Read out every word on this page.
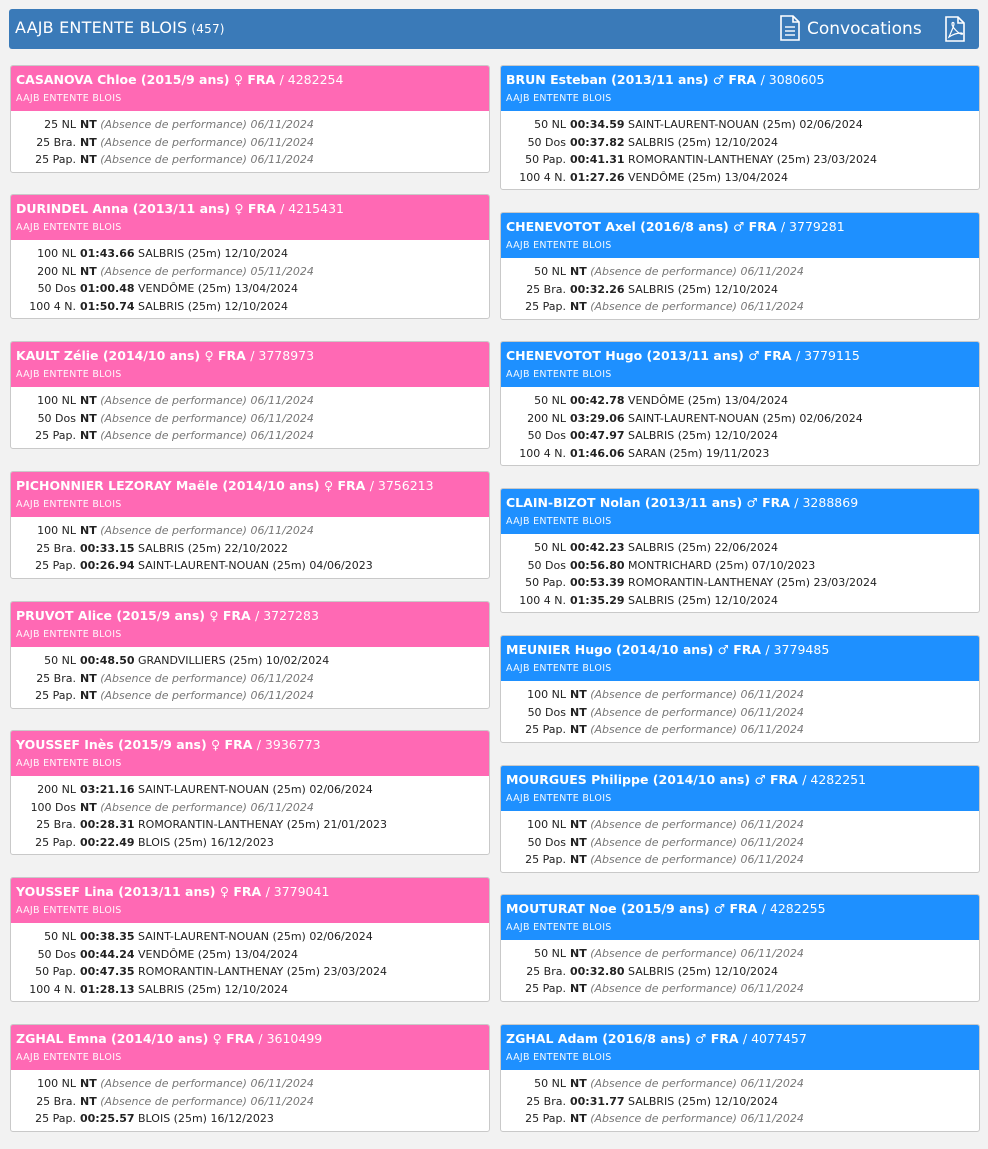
AAJB ENTENTE BLOIS (457)	Convocations
CASANOVA Chloe (2015/9 ans) ♀ FRA / 4282254
AAJB ENTENTE BLOIS
25 NL NT (Absence de performance) 06/11/2024
25 Bra. NT (Absence de performance) 06/11/2024
25 Pap. NT (Absence de performance) 06/11/2024
DURINDEL Anna (2013/11 ans) ♀ FRA / 4215431
AAJB ENTENTE BLOIS
100 NL 01:43.66 SALBRIS (25m) 12/10/2024
200 NL NT (Absence de performance) 05/11/2024
50 Dos 01:00.48 VENDÔME (25m) 13/04/2024
100 4 N. 01:50.74 SALBRIS (25m) 12/10/2024
KAULT Zélie (2014/10 ans) ♀ FRA / 3778973
AAJB ENTENTE BLOIS
100 NL NT (Absence de performance) 06/11/2024
50 Dos NT (Absence de performance) 06/11/2024
25 Pap. NT (Absence de performance) 06/11/2024
PICHONNIER LEZORAY Maële (2014/10 ans) ♀ FRA / 3756213
AAJB ENTENTE BLOIS
100 NL NT (Absence de performance) 06/11/2024
25 Bra. 00:33.15 SALBRIS (25m) 22/10/2022
25 Pap. 00:26.94 SAINT-LAURENT-NOUAN (25m) 04/06/2023
PRUVOT Alice (2015/9 ans) ♀ FRA / 3727283
AAJB ENTENTE BLOIS
50 NL 00:48.50 GRANDVILLIERS (25m) 10/02/2024
25 Bra. NT (Absence de performance) 06/11/2024
25 Pap. NT (Absence de performance) 06/11/2024
YOUSSEF Inès (2015/9 ans) ♀ FRA / 3936773
AAJB ENTENTE BLOIS
200 NL 03:21.16 SAINT-LAURENT-NOUAN (25m) 02/06/2024
100 Dos NT (Absence de performance) 06/11/2024
25 Bra. 00:28.31 ROMORANTIN-LANTHENAY (25m) 21/01/2023
25 Pap. 00:22.49 BLOIS (25m) 16/12/2023
YOUSSEF Lina (2013/11 ans) ♀ FRA / 3779041
AAJB ENTENTE BLOIS
50 NL 00:38.35 SAINT-LAURENT-NOUAN (25m) 02/06/2024
50 Dos 00:44.24 VENDÔME (25m) 13/04/2024
50 Pap. 00:47.35 ROMORANTIN-LANTHENAY (25m) 23/03/2024
100 4 N. 01:28.13 SALBRIS (25m) 12/10/2024
ZGHAL Emna (2014/10 ans) ♀ FRA / 3610499
AAJB ENTENTE BLOIS
100 NL NT (Absence de performance) 06/11/2024
25 Bra. NT (Absence de performance) 06/11/2024
25 Pap. 00:25.57 BLOIS (25m) 16/12/2023
BRUN Esteban (2013/11 ans) ♂ FRA / 3080605
AAJB ENTENTE BLOIS
50 NL 00:34.59 SAINT-LAURENT-NOUAN (25m) 02/06/2024
50 Dos 00:37.82 SALBRIS (25m) 12/10/2024
50 Pap. 00:41.31 ROMORANTIN-LANTHENAY (25m) 23/03/2024
100 4 N. 01:27.26 VENDÔME (25m) 13/04/2024
CHENEVOTOT Axel (2016/8 ans) ♂ FRA / 3779281
AAJB ENTENTE BLOIS
50 NL NT (Absence de performance) 06/11/2024
25 Bra. 00:32.26 SALBRIS (25m) 12/10/2024
25 Pap. NT (Absence de performance) 06/11/2024
CHENEVOTOT Hugo (2013/11 ans) ♂ FRA / 3779115
AAJB ENTENTE BLOIS
50 NL 00:42.78 VENDÔME (25m) 13/04/2024
200 NL 03:29.06 SAINT-LAURENT-NOUAN (25m) 02/06/2024
50 Dos 00:47.97 SALBRIS (25m) 12/10/2024
100 4 N. 01:46.06 SARAN (25m) 19/11/2023
CLAIN-BIZOT Nolan (2013/11 ans) ♂ FRA / 3288869
AAJB ENTENTE BLOIS
50 NL 00:42.23 SALBRIS (25m) 22/06/2024
50 Dos 00:56.80 MONTRICHARD (25m) 07/10/2023
50 Pap. 00:53.39 ROMORANTIN-LANTHENAY (25m) 23/03/2024
100 4 N. 01:35.29 SALBRIS (25m) 12/10/2024
MEUNIER Hugo (2014/10 ans) ♂ FRA / 3779485
AAJB ENTENTE BLOIS
100 NL NT (Absence de performance) 06/11/2024
50 Dos NT (Absence de performance) 06/11/2024
25 Pap. NT (Absence de performance) 06/11/2024
MOURGUES Philippe (2014/10 ans) ♂ FRA / 4282251
AAJB ENTENTE BLOIS
100 NL NT (Absence de performance) 06/11/2024
50 Dos NT (Absence de performance) 06/11/2024
25 Pap. NT (Absence de performance) 06/11/2024
MOUTURAT Noe (2015/9 ans) ♂ FRA / 4282255
AAJB ENTENTE BLOIS
50 NL NT (Absence de performance) 06/11/2024
25 Bra. 00:32.80 SALBRIS (25m) 12/10/2024
25 Pap. NT (Absence de performance) 06/11/2024
ZGHAL Adam (2016/8 ans) ♂ FRA / 4077457
AAJB ENTENTE BLOIS
50 NL NT (Absence de performance) 06/11/2024
25 Bra. 00:31.77 SALBRIS (25m) 12/10/2024
25 Pap. NT (Absence de performance) 06/11/2024
